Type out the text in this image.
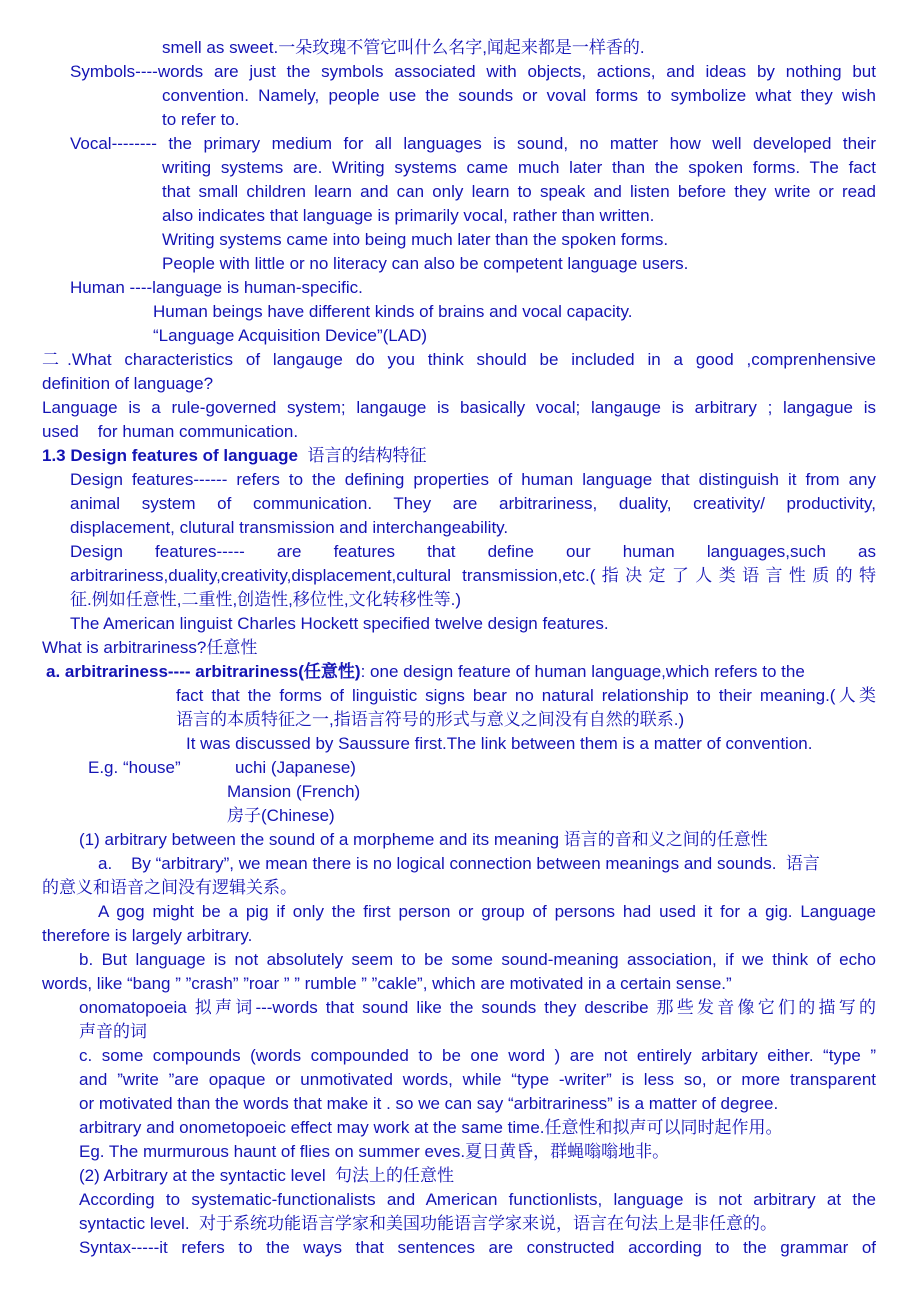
smell as sweet.一朵玫瑰不管它叫什么名字,闻起来都是一样香的.
Symbols----words are just the symbols associated with objects, actions, and ideas by nothing but
convention. Namely, people use the sounds or voval forms to symbolize what they wish
to refer to.
Vocal-------- the primary medium for all languages is sound, no matter how well developed their
writing systems are. Writing systems came much later than the spoken forms. The fact
that small children learn and can only learn to speak and listen before they write or read
also indicates that language is primarily vocal, rather than written.
Writing systems came into being much later than the spoken forms.
People with little or no literacy can also be competent language users.
Human ----language is human-specific.
Human beings have different kinds of brains and vocal capacity.
“Language Acquisition Device”(LAD)
二.What characteristics of langauge do you think should be included in a good ,comprenhensive
definition of language?
Language is a rule-governed system; langauge is basically vocal; langauge is arbitrary ; langague is
used    for human communication.
1.3 Design features of language  语言的结构特征
Design features------ refers to the defining properties of human language that distinguish it from any
animal system of communication. They are arbitrariness, duality, creativity/ productivity,
displacement, clutural transmission and interchangeability.
Design features----- are features that define our human languages,such as
arbitrariness,duality,creativity,displacement,cultural transmission,etc.(指决定了人类语言性质的特
征.例如任意性,二重性,创造性,移位性,文化转移性等.)
The American linguist Charles Hockett specified twelve design features.
What is arbitrariness?任意性
a. arbitrariness---- arbitrariness(任意性): one design feature of human language,which refers to the
fact that the forms of linguistic signs bear no natural relationship to their meaning.(人类
语言的本质特征之一,指语言符号的形式与意义之间没有自然的联系.)
It was discussed by Saussure first.The link between them is a matter of convention.
E.g. “house”	uchi (Japanese)
Mansion (French)
房子(Chinese)
(1) arbitrary between the sound of a morpheme and its meaning 语言的音和义之间的任意性
a.    By “arbitrary”, we mean there is no logical connection between meanings and sounds.  语言
的意义和语音之间没有逻辑关系。
A gog might be a pig if only the first person or group of persons had used it for a gig. Language
therefore is largely arbitrary.
b. But language is not absolutely seem to be some sound-meaning association, if we think of echo
words, like “bang ” ”crash” ”roar ” ” rumble ” ”cakle”, which are motivated in a certain sense.”
onomatopoeia 拟声词---words that sound like the sounds they describe 那些发音像它们的描写的
声音的词
c. some compounds (words compounded to be one word ) are not entirely arbitary either. “type ”
and ”write ”are opaque or unmotivated words, while “type -writer” is less so, or more transparent
or motivated than the words that make it . so we can say “arbitrariness” is a matter of degree.
arbitrary and onometopoeic effect may work at the same time.任意性和拟声可以同时起作用。
Eg. The murmurous haunt of flies on summer eves.夏日黄昏，群蝇嗡嗡地非。
(2) Arbitrary at the syntactic level  句法上的任意性
According to systematic-functionalists and American functionlists, language is not arbitrary at the
syntactic level.  对于系统功能语言学家和美国功能语言学家来说，语言在句法上是非任意的。
Syntax-----it refers to the ways that sentences are constructed according to the grammar of
